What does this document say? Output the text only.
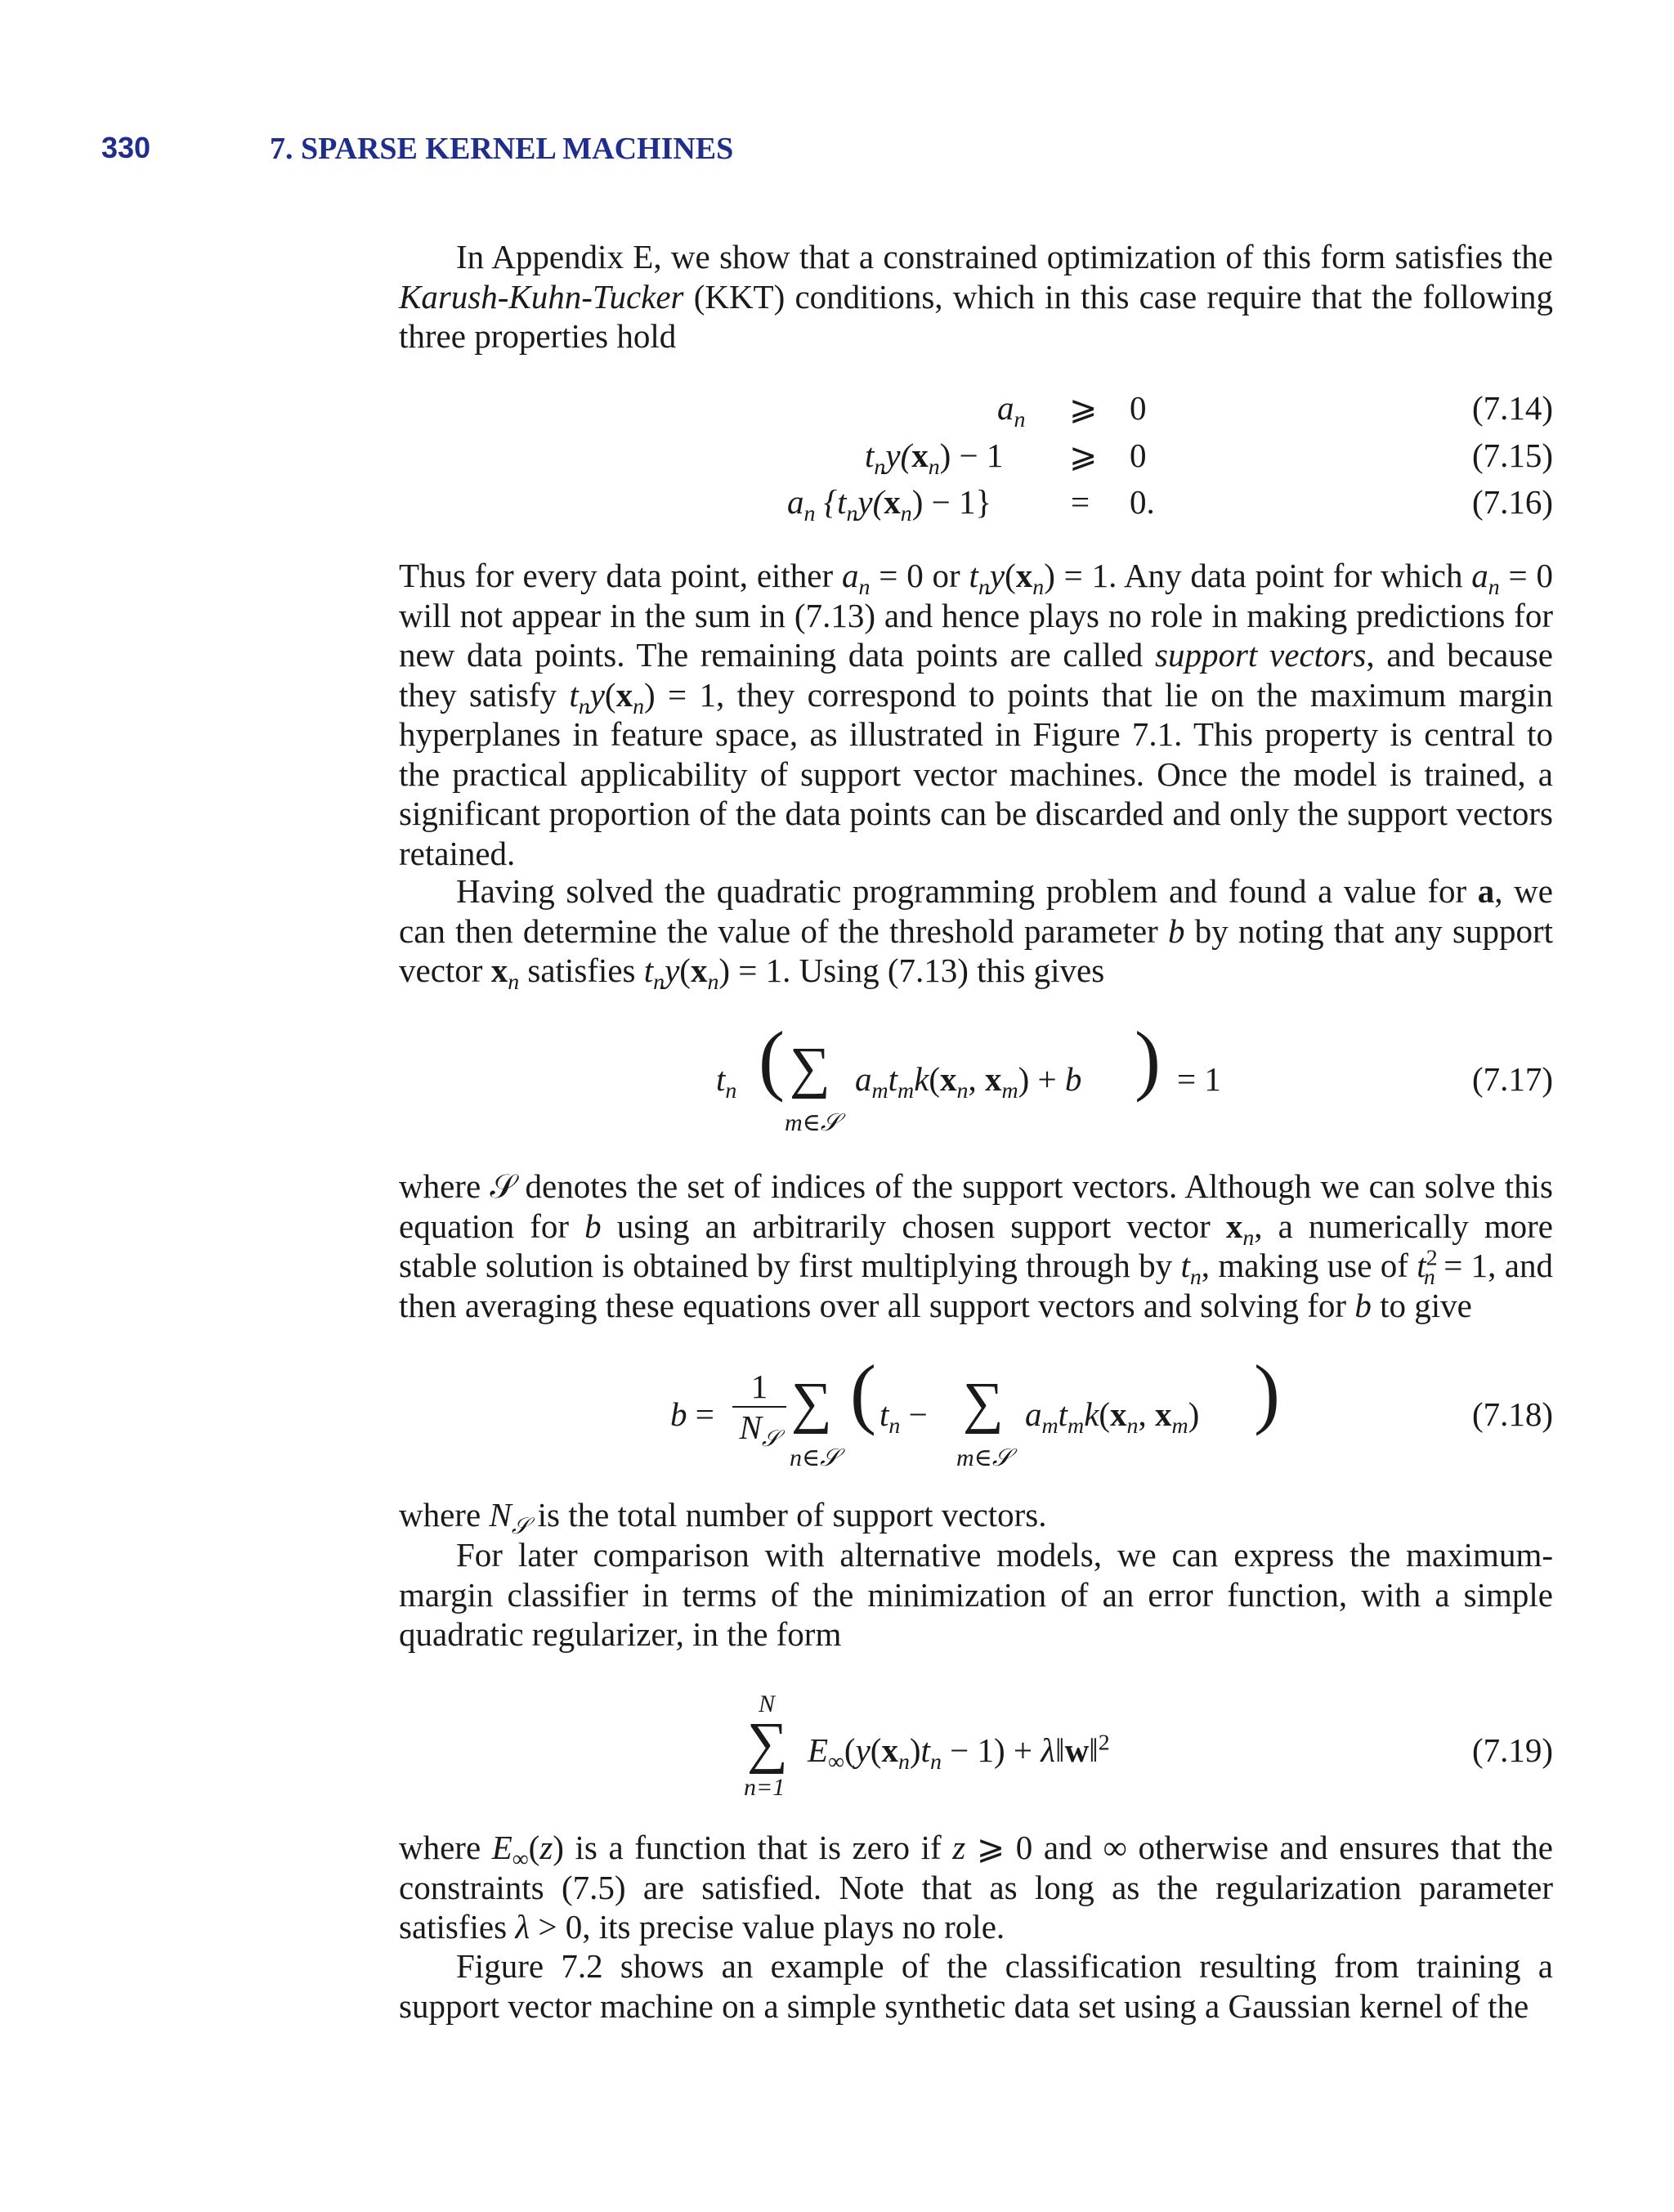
330	7. SPARSE KERNEL MACHINES

In Appendix E, we show that a constrained optimization of this form satisfies the Karush-Kuhn-Tucker (KKT) conditions, which in this case require that the following three properties hold

$a_n$ ⩾ 0	(7.14)
$t_ny(x_n) - 1$ ⩾ 0	(7.15)
$a_n$ $\{t_ny(x_n) - 1\} = 0$.	(7.16)

Thus for every data point, either $a_n = 0$ or $t_ny(x_n) = 1$. Any data point for which $a_n = 0$ will not appear in the sum in (7.13) and hence plays no role in making predictions for new data points. The remaining data points are called support vectors, and because they satisfy $t_ny(x_n) = 1$, they correspond to points that lie on the maximum margin hyperplanes in feature space, as illustrated in Figure 7.1. This property is central to the practical applicability of support vector machines. Once the model is trained, a significant proportion of the data points can be discarded and only the support vectors retained.

Having solved the quadratic programming problem and found a value for a, we can then determine the value of the threshold parameter b by noting that any support vector $x_n$ satisfies $t_ny(x_n) = 1$. Using (7.13) this gives

$t_n$ ( ∑
m∈𝒮
$a_mt_mk(x_n$, $x_m) + b$ ) = 1	(7.17)

where 𝒮 denotes the set of indices of the support vectors. Although we can solve this equation for b using an arbitrarily chosen support vector $x_n$, a numerically more stable solution is obtained by first multiplying through by $t_n$, making use of $t^2_n = 1$, and then averaging these equations over all support vectors and solving for b to give

b =
1
$N_𝒮$
∑
n∈𝒮
( $t_n$ − ∑
m∈𝒮
$a_mt_mk(x_n$, $x_m$) )	(7.18)

where $N_𝒮$ is the total number of support vectors.

For later comparison with alternative models, we can express the maximum-margin classifier in terms of the minimization of an error function, with a simple quadratic regularizer, in the form

N
∑
n=1
$E_\infty(y(x_n)t_n - 1)$ + λ‖w‖$^2$	(7.19)

where $E_\infty(z)$ is a function that is zero if z ⩾ 0 and ∞ otherwise and ensures that the constraints (7.5) are satisfied. Note that as long as the regularization parameter satisfies λ > 0, its precise value plays no role.

Figure 7.2 shows an example of the classification resulting from training a support vector machine on a simple synthetic data set using a Gaussian kernel of the
